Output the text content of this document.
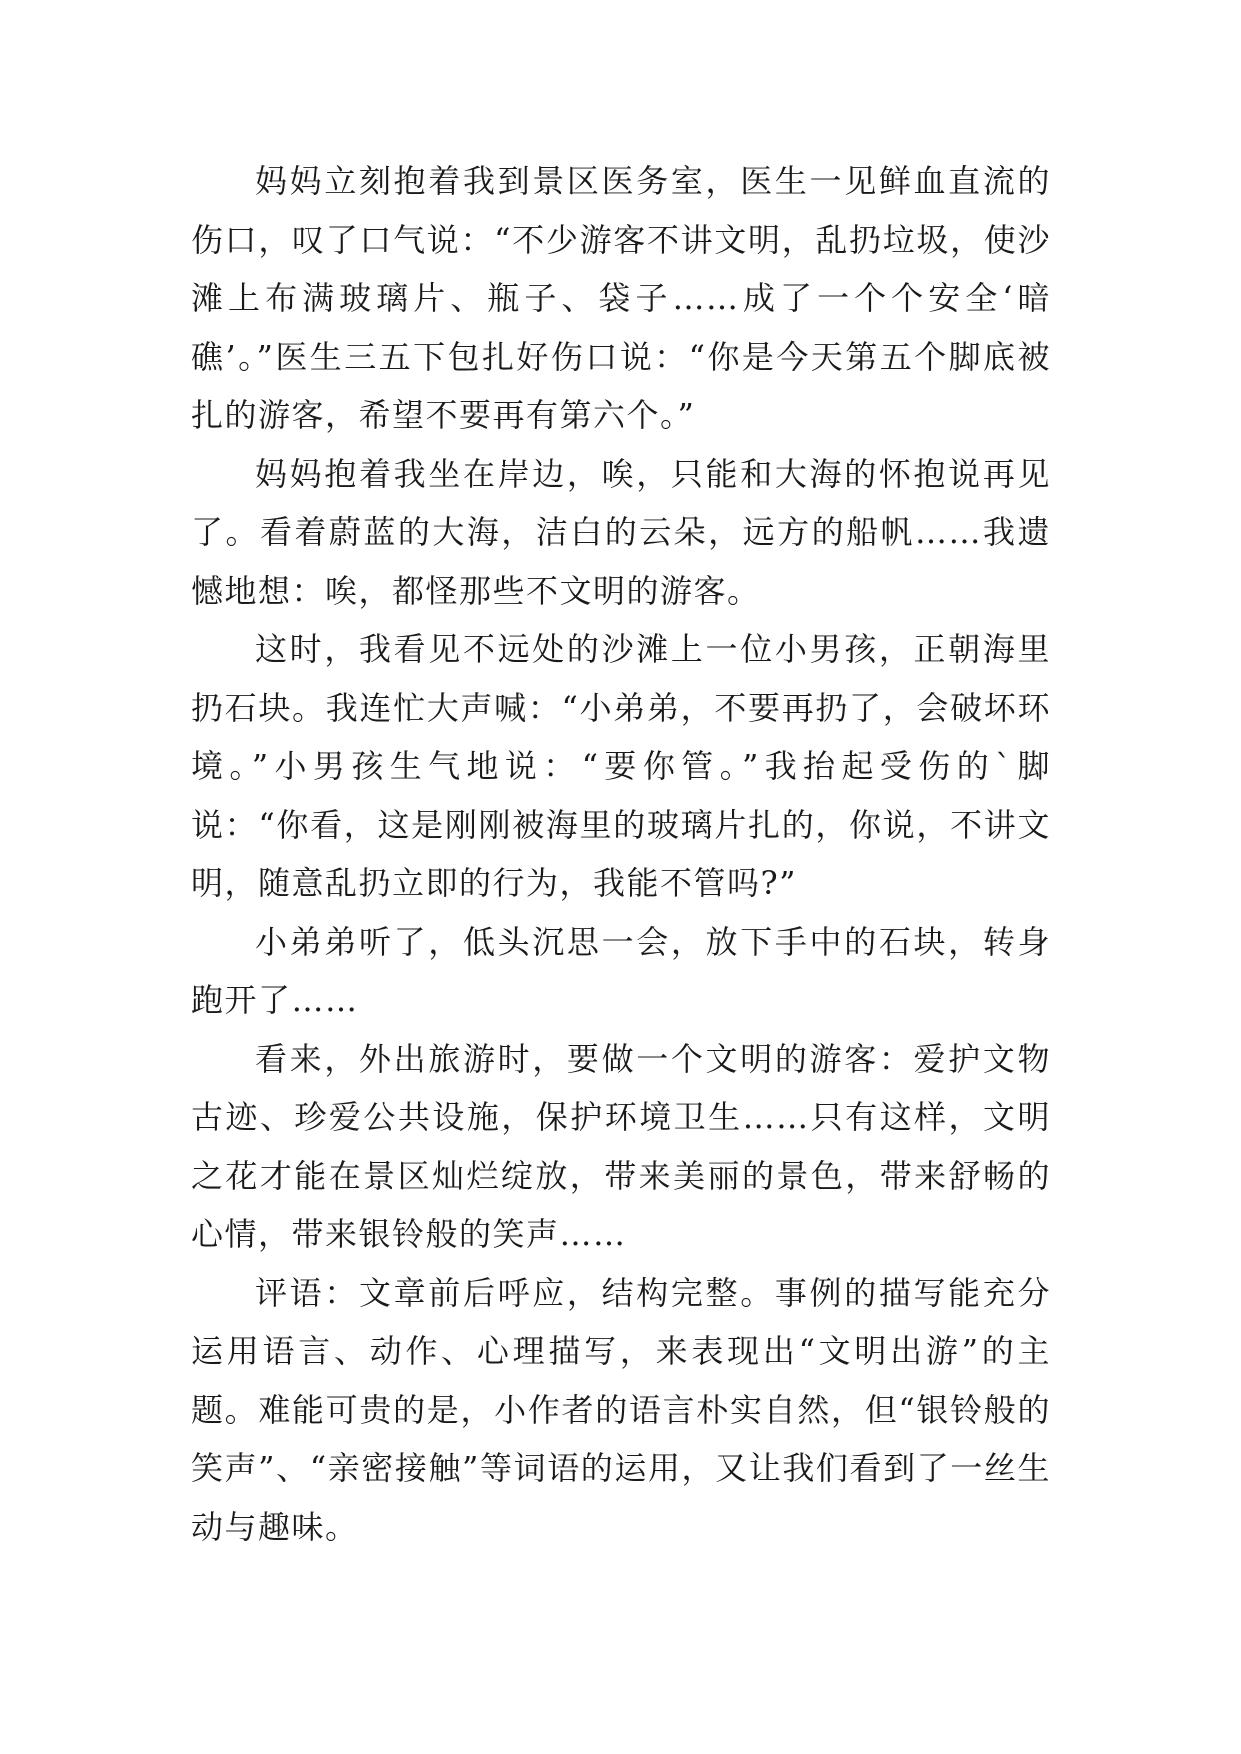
妈妈立刻抱着我到景区医务室，医生一见鲜血直流的伤口，叹了口气说：“不少游客不讲文明，乱扔垃圾，使沙滩上布满玻璃片、瓶子、袋子……成了一个个安全‘暗礁’。”医生三五下包扎好伤口说：“你是今天第五个脚底被扎的游客，希望不要再有第六个。”

妈妈抱着我坐在岸边，唉，只能和大海的怀抱说再见了。看着蔚蓝的大海，洁白的云朵，远方的船帆……我遗憾地想：唉，都怪那些不文明的游客。

这时，我看见不远处的沙滩上一位小男孩，正朝海里扔石块。我连忙大声喊：“小弟弟，不要再扔了，会破坏环境。”小男孩生气地说：“要你管。”我抬起受伤的`脚说：“你看，这是刚刚被海里的玻璃片扎的，你说，不讲文明，随意乱扔立即的行为，我能不管吗?”

小弟弟听了，低头沉思一会，放下手中的石块，转身跑开了……

看来，外出旅游时，要做一个文明的游客：爱护文物古迹、珍爱公共设施，保护环境卫生……只有这样，文明之花才能在景区灿烂绽放，带来美丽的景色，带来舒畅的心情，带来银铃般的笑声……

评语：文章前后呼应，结构完整。事例的描写能充分运用语言、动作、心理描写，来表现出“文明出游”的主题。难能可贵的是，小作者的语言朴实自然，但“银铃般的笑声”、“亲密接触”等词语的运用，又让我们看到了一丝生动与趣味。
